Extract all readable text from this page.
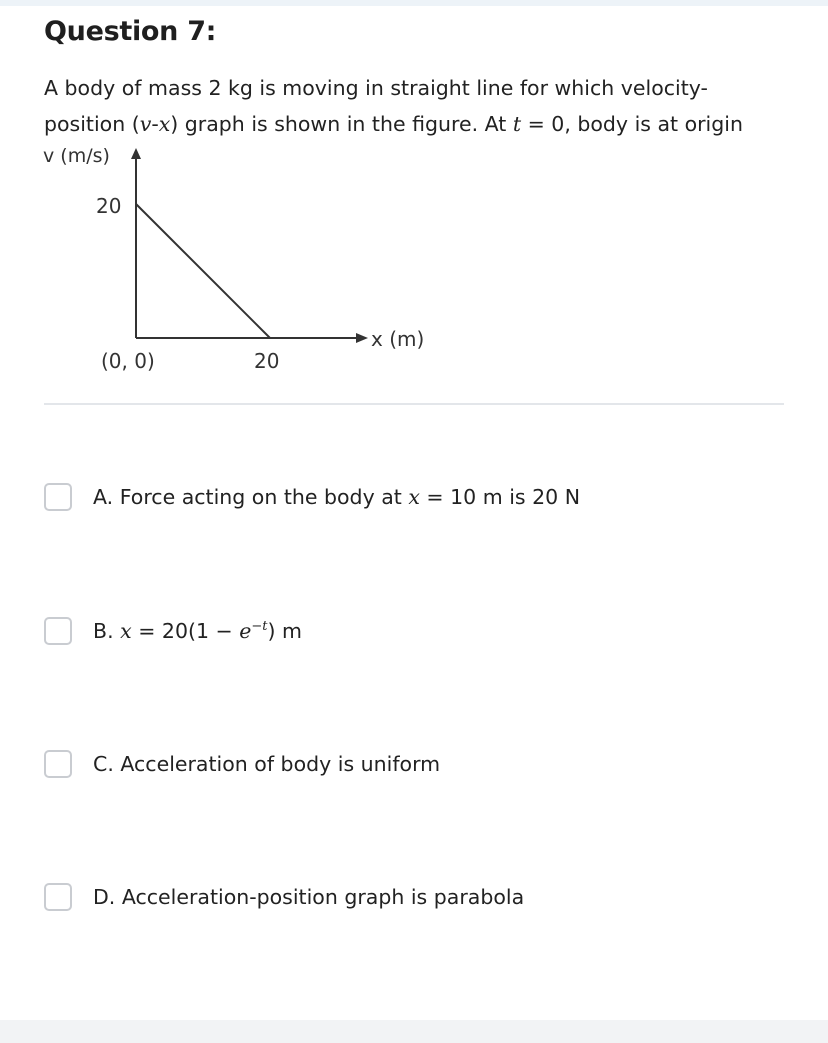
Question 7:
A body of mass 2 kg is moving in straight line for which velocity-
position (v-x) graph is shown in the figure. At t = 0, body is at origin
v (m/s)
20
x (m)
(0, 0)	20
A. Force acting on the body at x = 10 m is 20 N
B. $x = 20(1 - e^{-t})$ m
C. Acceleration of body is uniform
D. Acceleration-position graph is parabola
